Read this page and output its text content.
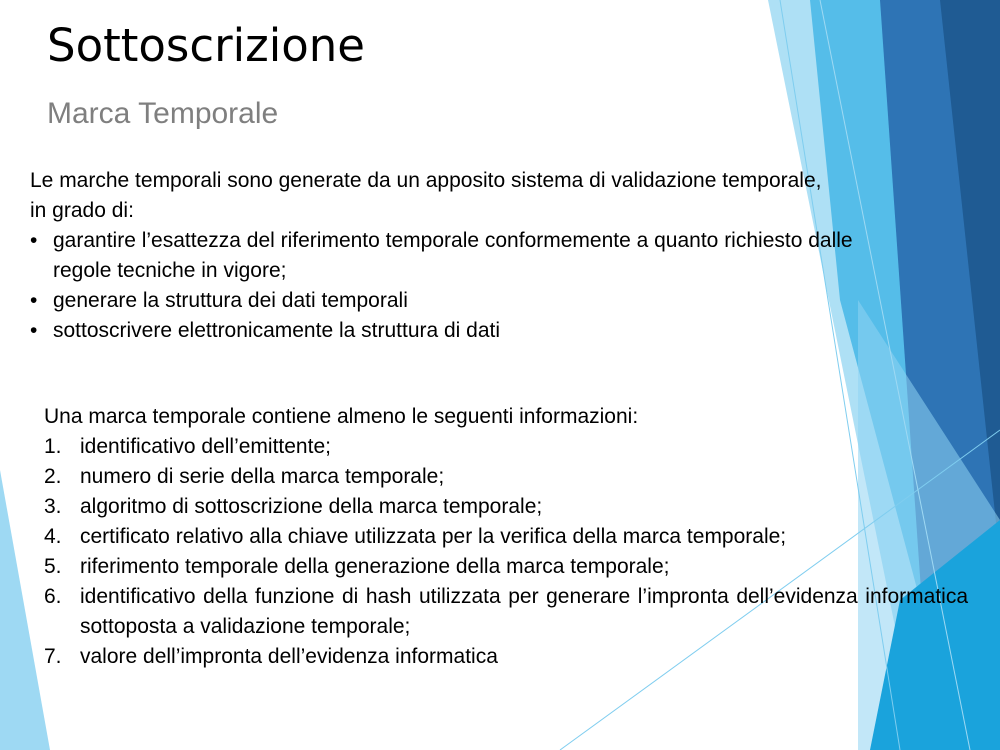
Sottoscrizione
Marca Temporale
Le marche temporali sono generate da un apposito sistema di validazione temporale,
in grado di:
• garantire l’esattezza del riferimento temporale conformemente a quanto richiesto dalle regole tecniche in vigore;
• generare la struttura dei dati temporali
• sottoscrivere elettronicamente la struttura di dati
Una marca temporale contiene almeno le seguenti informazioni:
1. identificativo dell’emittente;
2. numero di serie della marca temporale;
3. algoritmo di sottoscrizione della marca temporale;
4. certificato relativo alla chiave utilizzata per la verifica della marca temporale;
5. riferimento temporale della generazione della marca temporale;
6. identificativo della funzione di hash utilizzata per generare l’impronta dell’evidenza informatica sottoposta a validazione temporale;
7. valore dell’impronta dell’evidenza informatica
